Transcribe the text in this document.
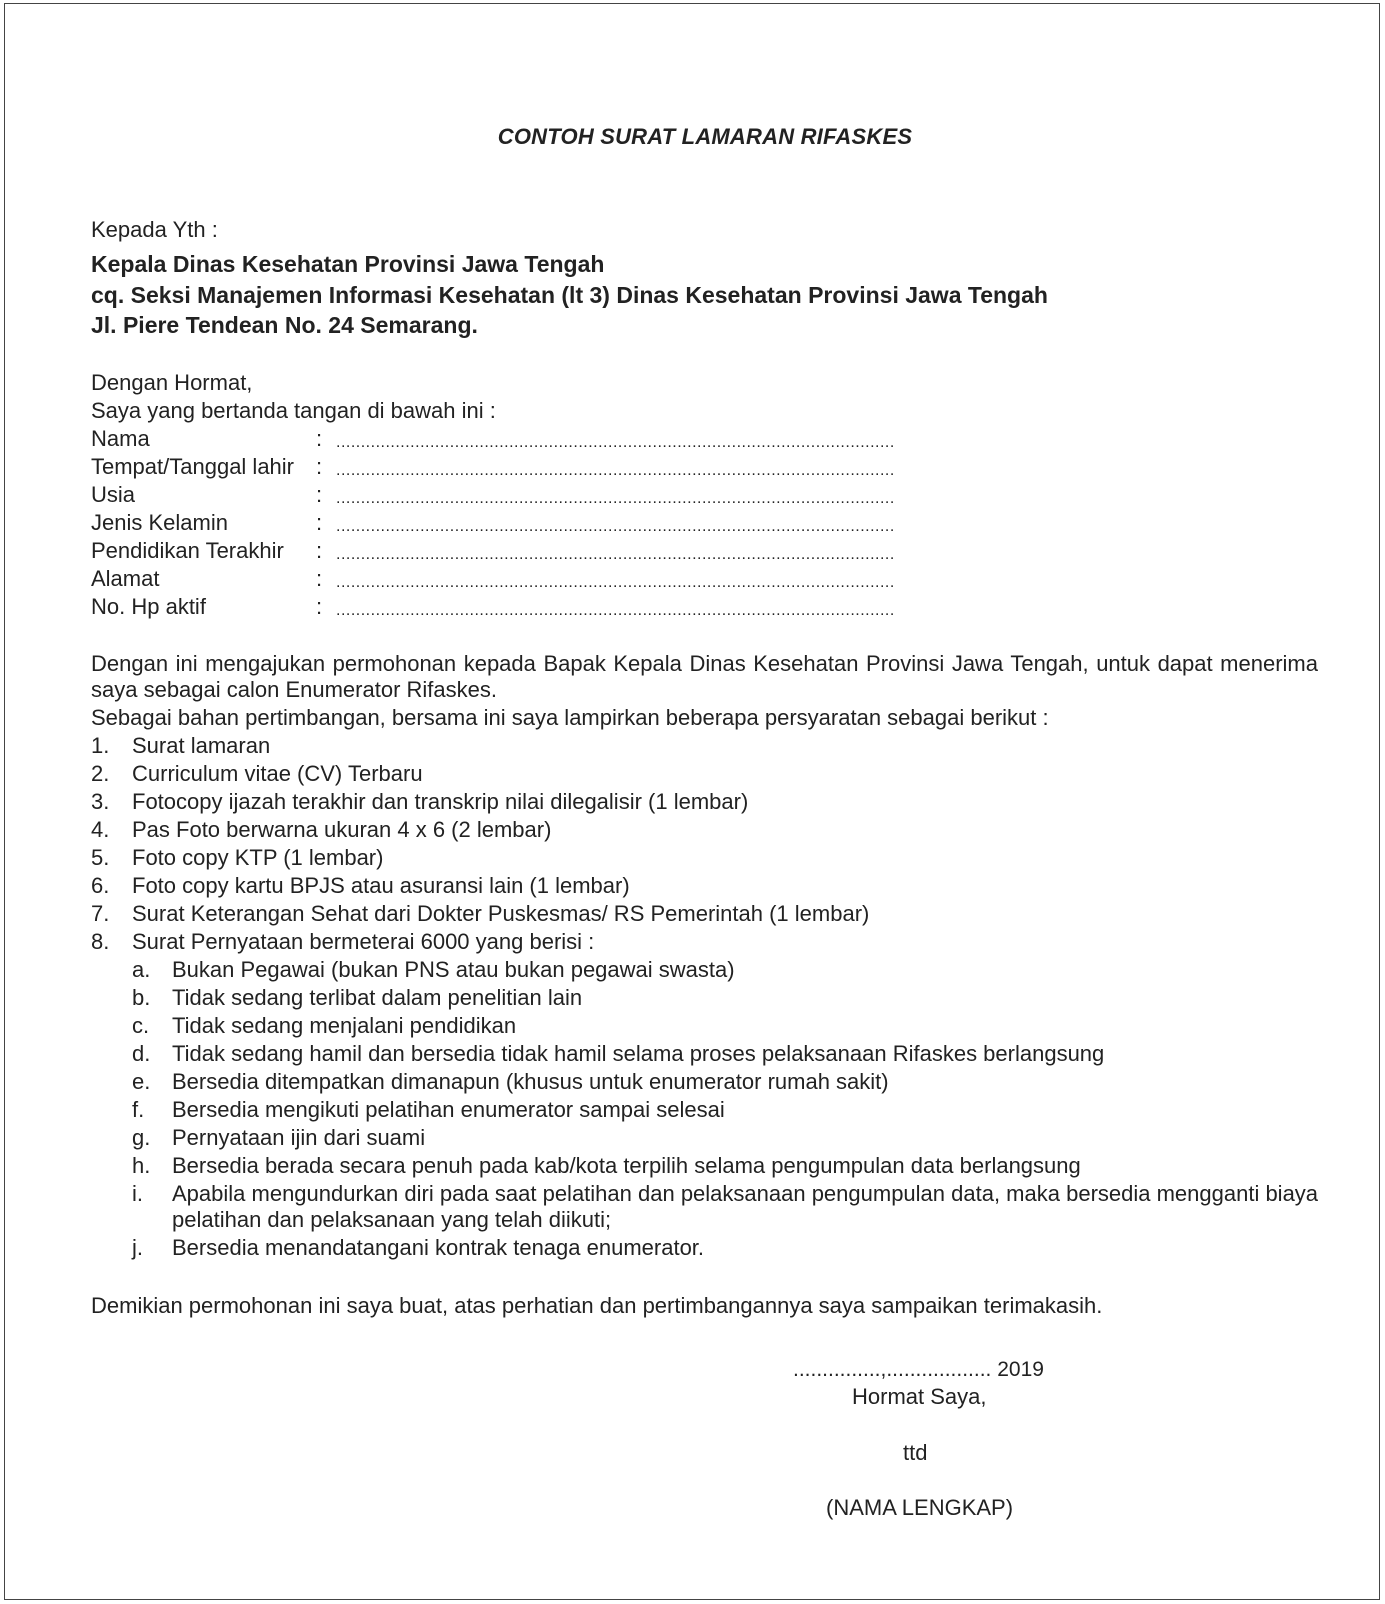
CONTOH SURAT LAMARAN RIFASKES
Kepada Yth :
Kepala Dinas Kesehatan Provinsi Jawa Tengah
cq. Seksi Manajemen Informasi Kesehatan (lt 3) Dinas Kesehatan Provinsi Jawa Tengah
Jl. Piere Tendean No. 24 Semarang.
Dengan Hormat,
Saya yang bertanda tangan di bawah ini :
Nama	: .................................................................................................................
Tempat/Tanggal lahir : .................................................................................................................
Usia	: .................................................................................................................
Jenis Kelamin	: .................................................................................................................
Pendidikan Terakhir : .................................................................................................................
Alamat	: .................................................................................................................
No. Hp aktif	: .................................................................................................................
Dengan ini mengajukan permohonan kepada Bapak Kepala Dinas Kesehatan Provinsi Jawa Tengah, untuk dapat menerima saya sebagai calon Enumerator Rifaskes.
Sebagai bahan pertimbangan, bersama ini saya lampirkan beberapa persyaratan sebagai berikut :
1. Surat lamaran
2. Curriculum vitae (CV) Terbaru
3. Fotocopy ijazah terakhir dan transkrip nilai dilegalisir (1 lembar)
4. Pas Foto berwarna ukuran 4 x 6 (2 lembar)
5. Foto copy KTP (1 lembar)
6. Foto copy kartu BPJS atau asuransi lain (1 lembar)
7. Surat Keterangan Sehat dari Dokter Puskesmas/ RS Pemerintah (1 lembar)
8. Surat Pernyataan bermeterai 6000 yang berisi :
a. Bukan Pegawai (bukan PNS atau bukan pegawai swasta)
b. Tidak sedang terlibat dalam penelitian lain
c. Tidak sedang menjalani pendidikan
d. Tidak sedang hamil dan bersedia tidak hamil selama proses pelaksanaan Rifaskes berlangsung
e. Bersedia ditempatkan dimanapun (khusus untuk enumerator rumah sakit)
f. Bersedia mengikuti pelatihan enumerator sampai selesai
g. Pernyataan ijin dari suami
h. Bersedia berada secara penuh pada kab/kota terpilih selama pengumpulan data berlangsung
i. Apabila mengundurkan diri pada saat pelatihan dan pelaksanaan pengumpulan data, maka bersedia mengganti biaya
pelatihan dan pelaksanaan yang telah diikuti;
j. Bersedia menandatangani kontrak tenaga enumerator.
Demikian permohonan ini saya buat, atas perhatian dan pertimbangannya saya sampaikan terimakasih.
...............,.................. 2019
Hormat Saya,
ttd
(NAMA LENGKAP)
